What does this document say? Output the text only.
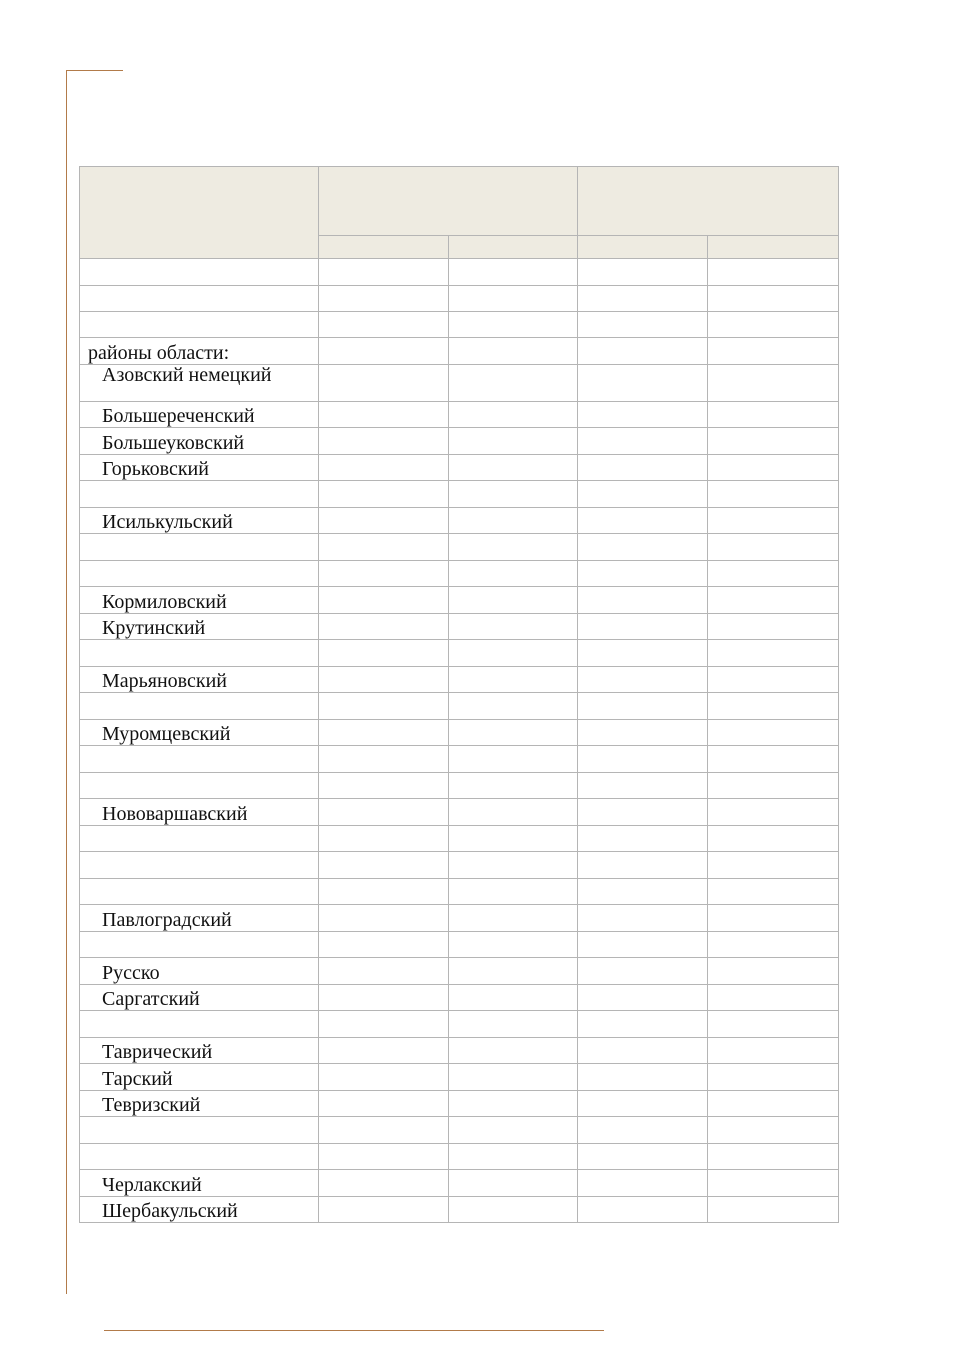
районы области:				
Азовский немецкий				
Большереченский				
Большеуковский				
Горьковский				

Исилькульский				

Кормиловский				
Крутинский				

Марьяновский				

Муромцевский				

Нововаршавский				

Павлоградский				

Русско				
Саргатский				

Таврический				
Тарский				
Тевризский				

Черлакский				
Шербакульский				
